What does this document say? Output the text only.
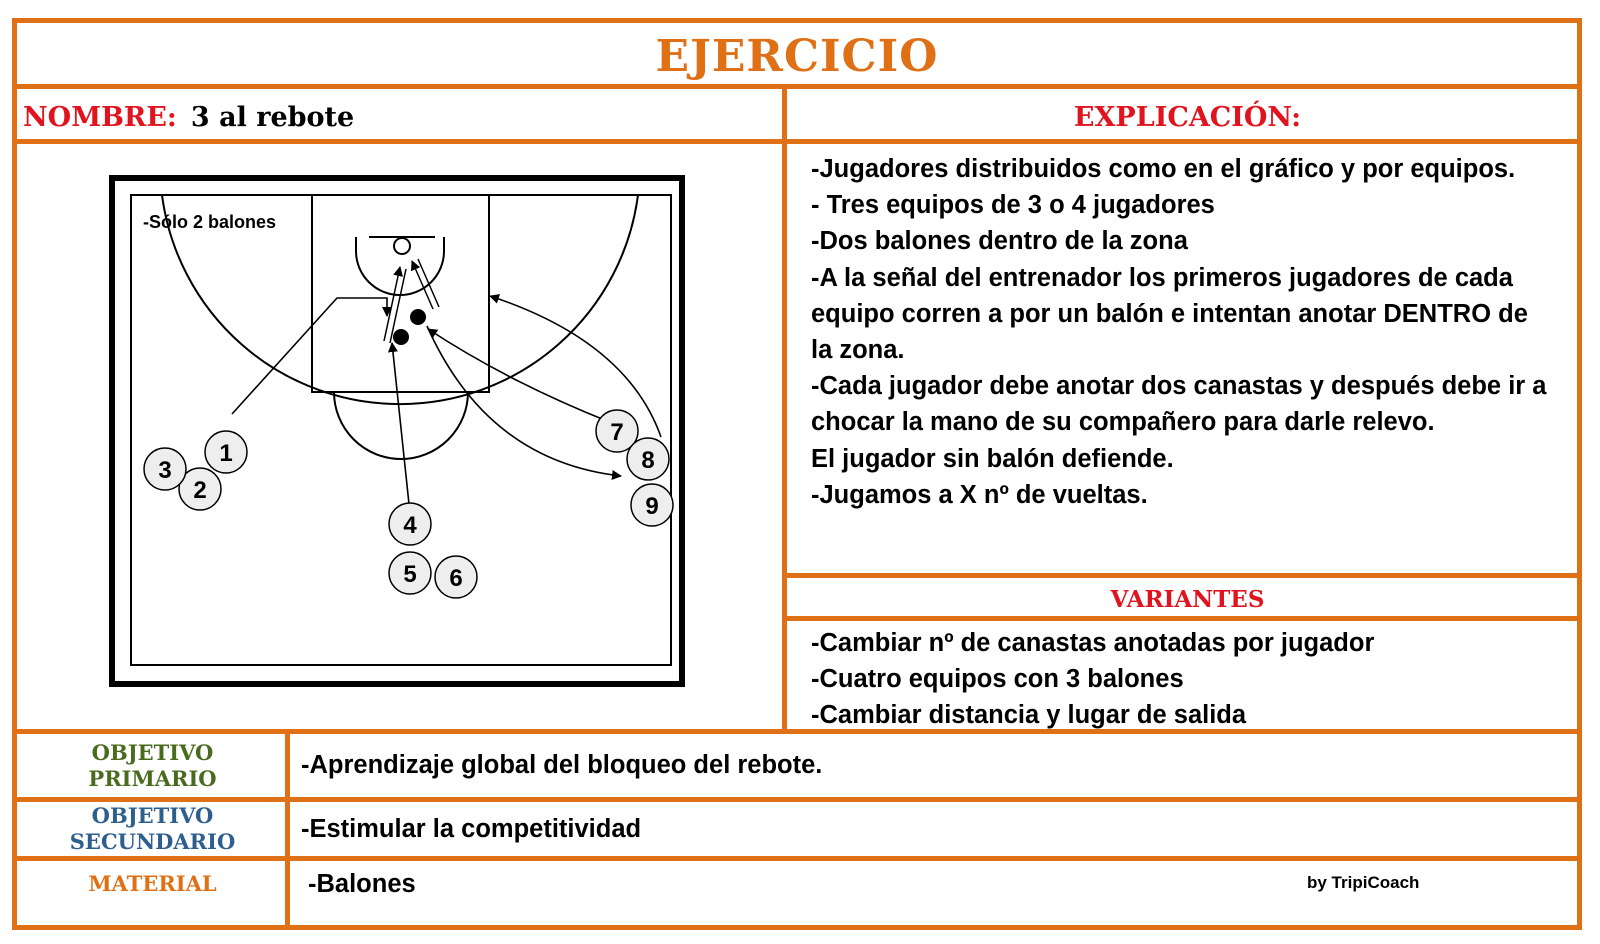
EJERCICIO
NOMBRE: 3 al rebote	EXPLICACIÓN:
-Jugadores distribuidos como en el gráfico y por equipos.
- Tres equipos de 3 o 4 jugadores
-Dos balones dentro de la zona
-A la señal del entrenador los primeros jugadores de cada
equipo corren a por un balón e intentan anotar DENTRO de
la zona.
-Cada jugador debe anotar dos canastas y después debe ir a
chocar la mano de su compañero para darle relevo.
El jugador sin balón defiende.
-Jugamos a X nº de vueltas.
VARIANTES
-Cambiar nº de canastas anotadas por jugador
-Cuatro equipos con 3 balones
-Cambiar distancia y lugar de salida
-Sólo 2 balones
1
2
3
4
5 6
7
8
9
OBJETIVO
PRIMARIO	-Aprendizaje global del bloqueo del rebote.
OBJETIVO
SECUNDARIO	-Estimular la competitividad
MATERIAL	-Balones	by TripiCoach
